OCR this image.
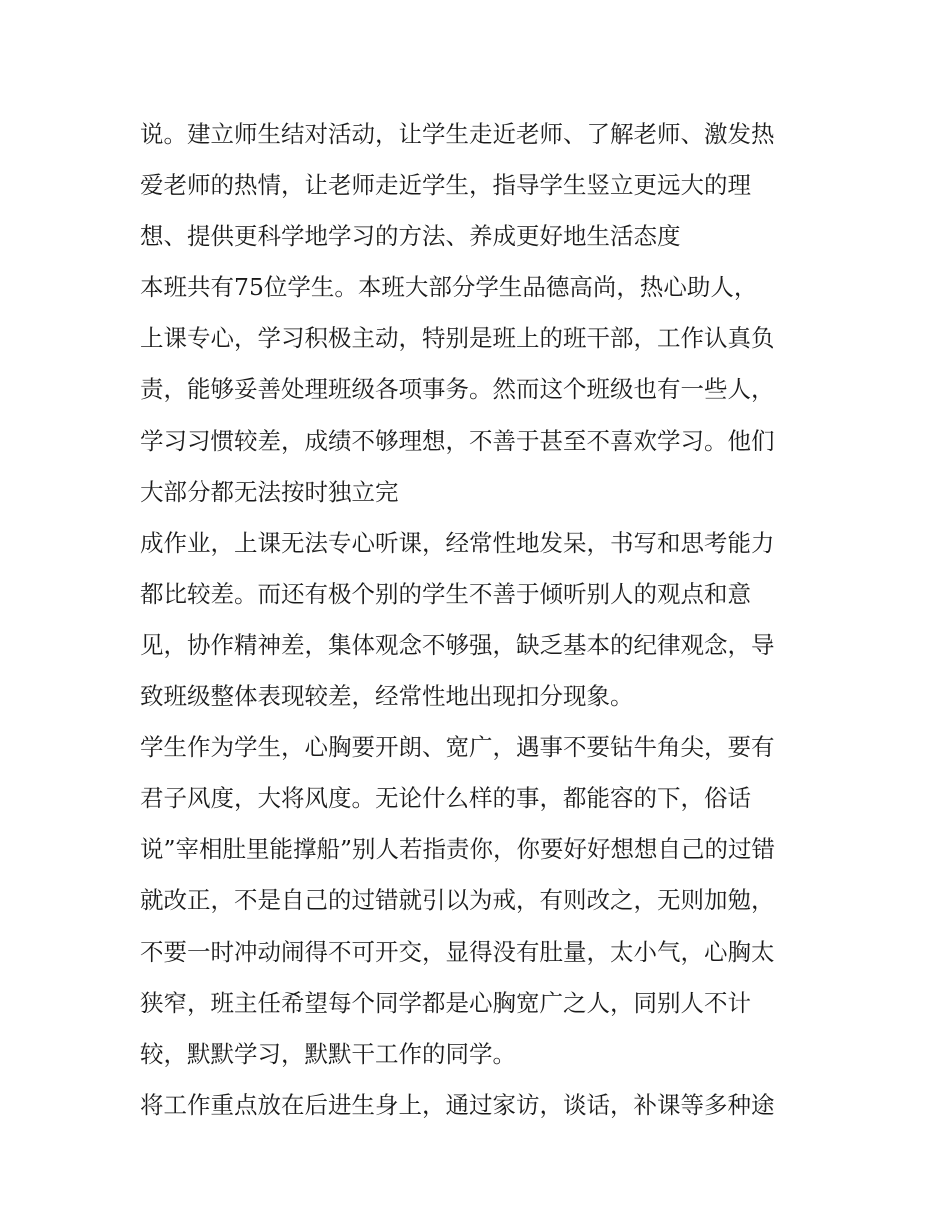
说。建立师生结对活动，让学生走近老师、了解老师、激发热
爱老师的热情，让老师走近学生，指导学生竖立更远大的理
想、提供更科学地学习的方法、养成更好地生活态度
本班共有75位学生。本班大部分学生品德高尚，热心助人，
上课专心，学习积极主动，特别是班上的班干部，工作认真负
责，能够妥善处理班级各项事务。然而这个班级也有一些人，
学习习惯较差，成绩不够理想，不善于甚至不喜欢学习。他们
大部分都无法按时独立完
成作业，上课无法专心听课，经常性地发呆，书写和思考能力
都比较差。而还有极个别的学生不善于倾听别人的观点和意
见，协作精神差，集体观念不够强，缺乏基本的纪律观念，导
致班级整体表现较差，经常性地出现扣分现象。
学生作为学生，心胸要开朗、宽广，遇事不要钻牛角尖，要有
君子风度，大将风度。无论什么样的事，都能容的下，俗话
说”宰相肚里能撑船”别人若指责你，你要好好想想自己的过错
就改正，不是自己的过错就引以为戒，有则改之，无则加勉，
不要一时冲动闹得不可开交，显得没有肚量，太小气，心胸太
狭窄，班主任希望每个同学都是心胸宽广之人，同别人不计
较，默默学习，默默干工作的同学。
将工作重点放在后进生身上，通过家访，谈话，补课等多种途
